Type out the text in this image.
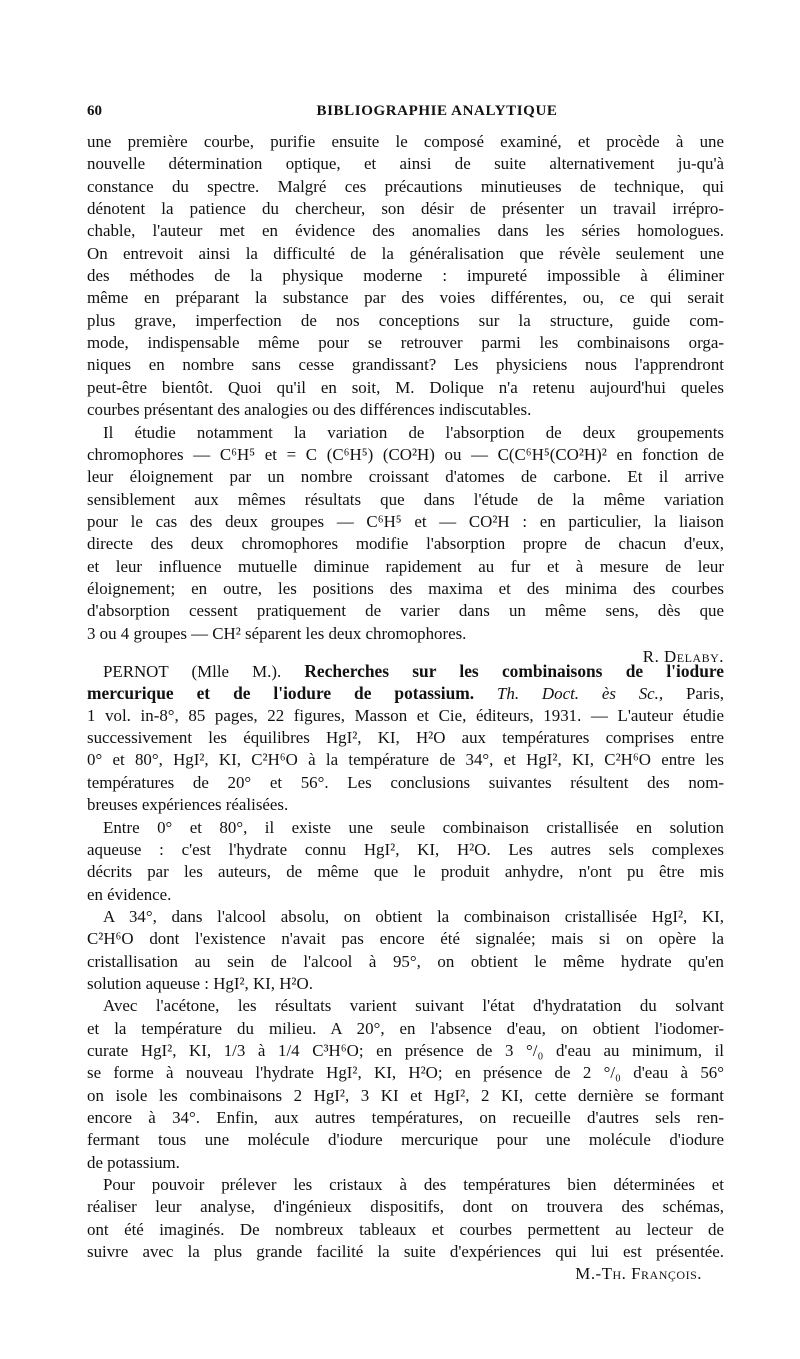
60	BIBLIOGRAPHIE ANALYTIQUE
une première courbe, purifie ensuite le composé examiné, et procède à une
nouvelle détermination optique, et ainsi de suite alternativement ju-qu'à
constance du spectre. Malgré ces précautions minutieuses de technique, qui
dénotent la patience du chercheur, son désir de présenter un travail irrépro-
chable, l'auteur met en évidence des anomalies dans les séries homologues.
On entrevoit ainsi la difficulté de la généralisation que révèle seulement une
des méthodes de la physique moderne : impureté impossible à éliminer
même en préparant la substance par des voies différentes, ou, ce qui serait
plus grave, imperfection de nos conceptions sur la structure, guide com-
mode, indispensable même pour se retrouver parmi les combinaisons orga-
niques en nombre sans cesse grandissant? Les physiciens nous l'apprendront
peut-être bientôt. Quoi qu'il en soit, M. Dolique n'a retenu aujourd'hui queles
courbes présentant des analogies ou des différences indiscutables.
Il étudie notamment la variation de l'absorption de deux groupements
chromophores — C⁶H⁵ et = C (C⁶H⁵) (CO²H) ou — C(C⁶H⁵(CO²H)² en fonction de
leur éloignement par un nombre croissant d'atomes de carbone. Et il arrive
sensiblement aux mêmes résultats que dans l'étude de la même variation
pour le cas des deux groupes — C⁶H⁵ et — CO²H : en particulier, la liaison
directe des deux chromophores modifie l'absorption propre de chacun d'eux,
et leur influence mutuelle diminue rapidement au fur et à mesure de leur
éloignement; en outre, les positions des maxima et des minima des courbes
d'absorption cessent pratiquement de varier dans un même sens, dès que
3 ou 4 groupes — CH² séparent les deux chromophores.
R. Delaby.
PERNOT (Mlle M.). Recherches sur les combinaisons de l'iodure
mercurique et de l'iodure de potassium. Th. Doct. ès Sc., Paris,
1 vol. in-8°, 85 pages, 22 figures, Masson et Cie, éditeurs, 1931. — L'auteur étudie
successivement les équilibres HgI², KI, H²O aux températures comprises entre
0° et 80°, HgI², KI, C²H⁶O à la température de 34°, et HgI², KI, C²H⁶O entre les
températures de 20° et 56°. Les conclusions suivantes résultent des nom-
breuses expériences réalisées.
Entre 0° et 80°, il existe une seule combinaison cristallisée en solution
aqueuse : c'est l'hydrate connu HgI², KI, H²O. Les autres sels complexes
décrits par les auteurs, de même que le produit anhydre, n'ont pu être mis
en évidence.
A 34°, dans l'alcool absolu, on obtient la combinaison cristallisée HgI², KI,
C²H⁶O dont l'existence n'avait pas encore été signalée; mais si on opère la
cristallisation au sein de l'alcool à 95°, on obtient le même hydrate qu'en
solution aqueuse : HgI², KI, H²O.
Avec l'acétone, les résultats varient suivant l'état d'hydratation du solvant
et la température du milieu. A 20°, en l'absence d'eau, on obtient l'iodomer-
curate HgI², KI, 1/3 à 1/4 C³H⁶O; en présence de 3 °/₀ d'eau au minimum, il
se forme à nouveau l'hydrate HgI², KI, H²O; en présence de 2 °/₀ d'eau à 56°
on isole les combinaisons 2 HgI², 3 KI et HgI², 2 KI, cette dernière se formant
encore à 34°. Enfin, aux autres températures, on recueille d'autres sels ren-
fermant tous une molécule d'iodure mercurique pour une molécule d'iodure
de potassium.
Pour pouvoir prélever les cristaux à des températures bien déterminées et
réaliser leur analyse, d'ingénieux dispositifs, dont on trouvera des schémas,
ont été imaginés. De nombreux tableaux et courbes permettent au lecteur de
suivre avec la plus grande facilité la suite d'expériences qui lui est présentée.
M.-Th. François.
